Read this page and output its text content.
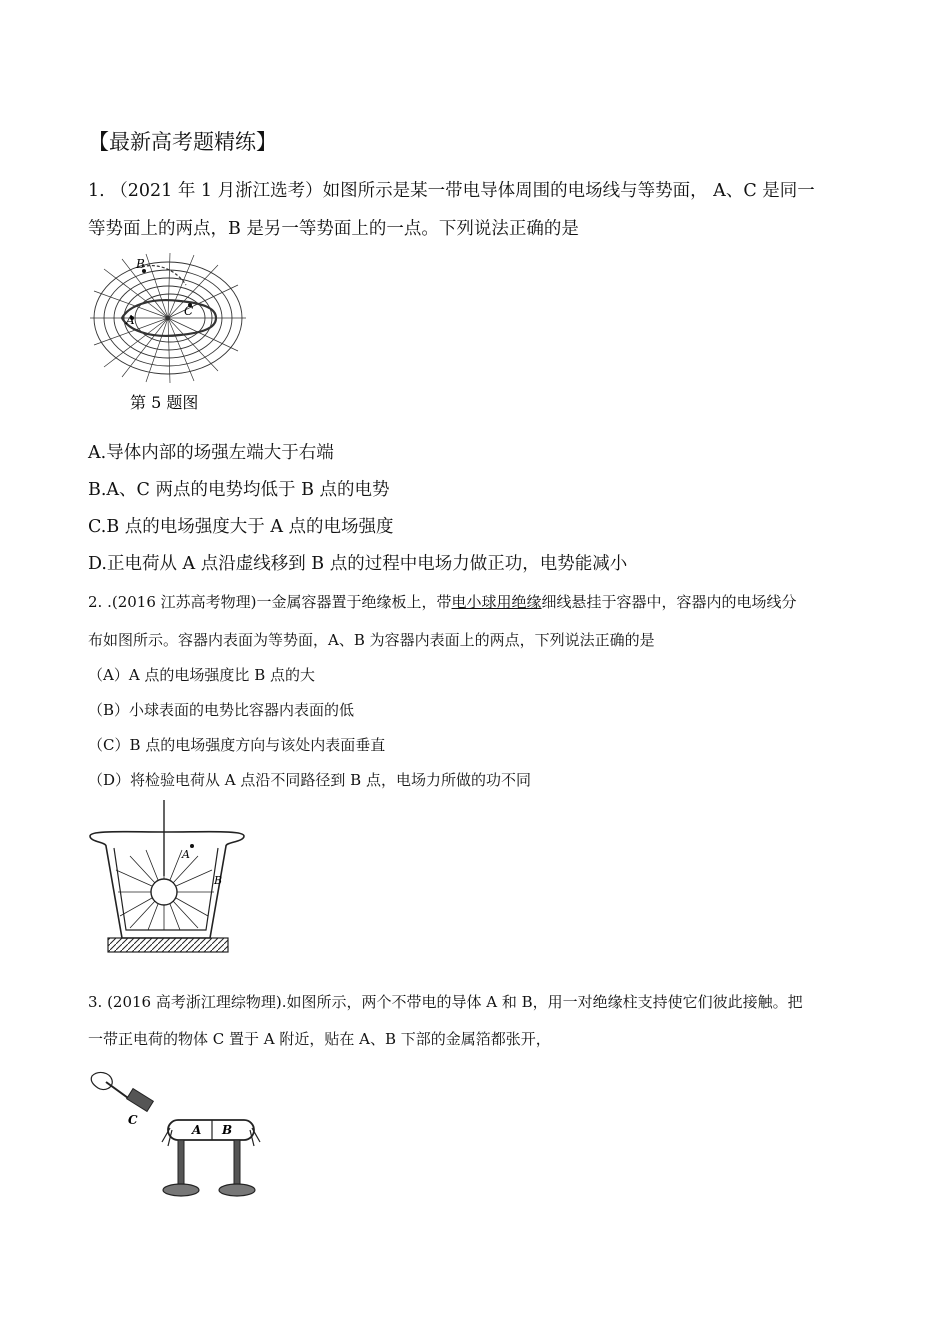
【最新高考题精练】
1. （2021 年 1 月浙江选考）如图所示是某一带电导体周围的电场线与等势面， A、C 是同一
等势面上的两点，B 是另一等势面上的一点。下列说法正确的是
A
B
C
第 5 题图
A.导体内部的场强左端大于右端
B.A、C 两点的电势均低于 B 点的电势
C.B 点的电场强度大于 A 点的电场强度
D.正电荷从 A 点沿虚线移到 B 点的过程中电场力做正功，电势能减小
2. .(2016 江苏高考物理)一金属容器置于绝缘板上，带电小球用绝缘细线悬挂于容器中，容器内的电场线分
布如图所示。容器内表面为等势面，A、B 为容器内表面上的两点，下列说法正确的是
（A）A 点的电场强度比 B 点的大
（B）小球表面的电势比容器内表面的低
（C）B 点的电场强度方向与该处内表面垂直
（D）将检验电荷从 A 点沿不同路径到 B 点，电场力所做的功不同
A
B
3. (2016 高考浙江理综物理).如图所示，两个不带电的导体 A 和 B，用一对绝缘柱支持使它们彼此接触。把
一带正电荷的物体 C 置于 A 附近，贴在 A、B 下部的金属箔都张开，
C
A B
